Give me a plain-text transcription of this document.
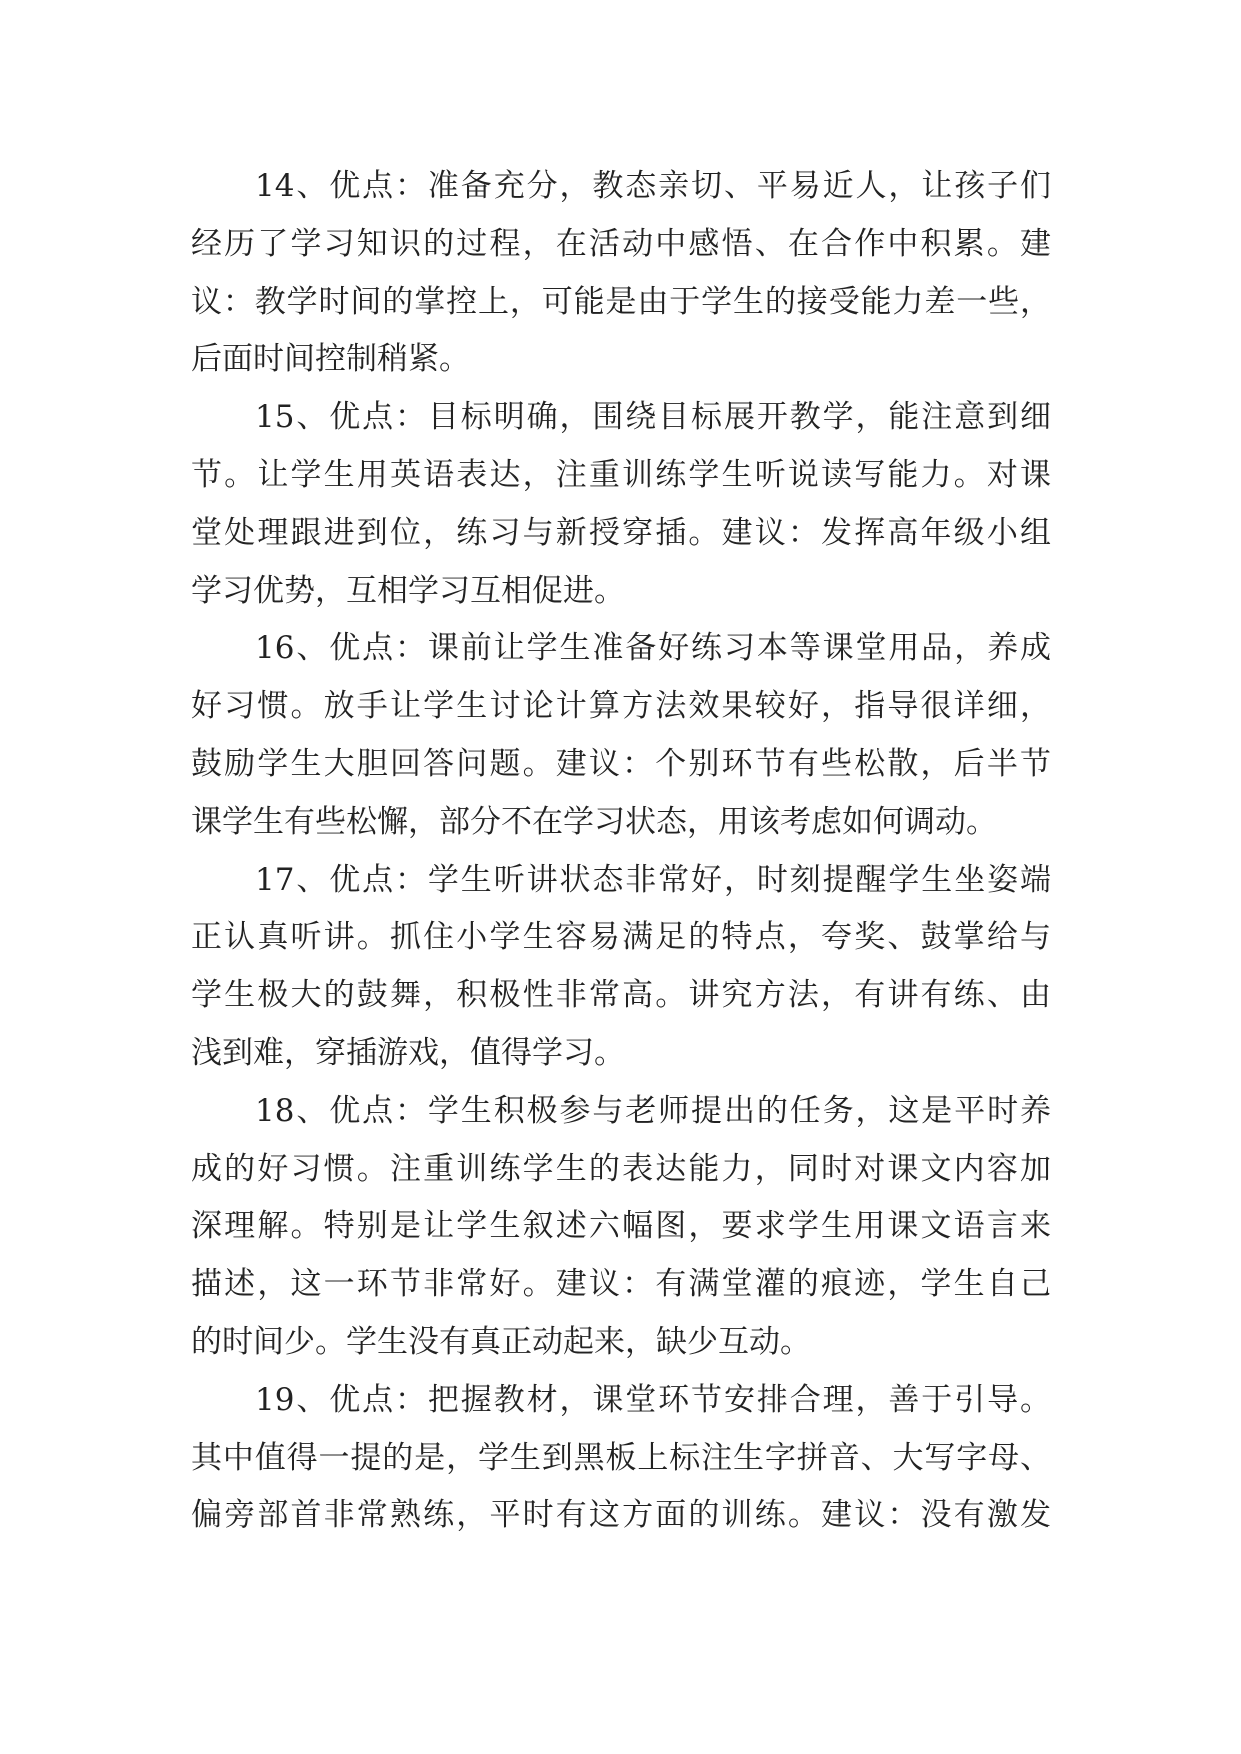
14、优点：准备充分，教态亲切、平易近人，让孩子们
经历了学习知识的过程，在活动中感悟、在合作中积累。建
议：教学时间的掌控上，可能是由于学生的接受能力差一些，
后面时间控制稍紧。
15、优点：目标明确，围绕目标展开教学，能注意到细
节。让学生用英语表达，注重训练学生听说读写能力。对课
堂处理跟进到位，练习与新授穿插。建议：发挥高年级小组
学习优势，互相学习互相促进。
16、优点：课前让学生准备好练习本等课堂用品，养成
好习惯。放手让学生讨论计算方法效果较好，指导很详细，
鼓励学生大胆回答问题。建议：个别环节有些松散，后半节
课学生有些松懈，部分不在学习状态，用该考虑如何调动。
17、优点：学生听讲状态非常好，时刻提醒学生坐姿端
正认真听讲。抓住小学生容易满足的特点，夸奖、鼓掌给与
学生极大的鼓舞，积极性非常高。讲究方法，有讲有练、由
浅到难，穿插游戏，值得学习。
18、优点：学生积极参与老师提出的任务，这是平时养
成的好习惯。注重训练学生的表达能力，同时对课文内容加
深理解。特别是让学生叙述六幅图，要求学生用课文语言来
描述，这一环节非常好。建议：有满堂灌的痕迹，学生自己
的时间少。学生没有真正动起来，缺少互动。
19、优点：把握教材，课堂环节安排合理，善于引导。
其中值得一提的是，学生到黑板上标注生字拼音、大写字母、
偏旁部首非常熟练，平时有这方面的训练。建议：没有激发
